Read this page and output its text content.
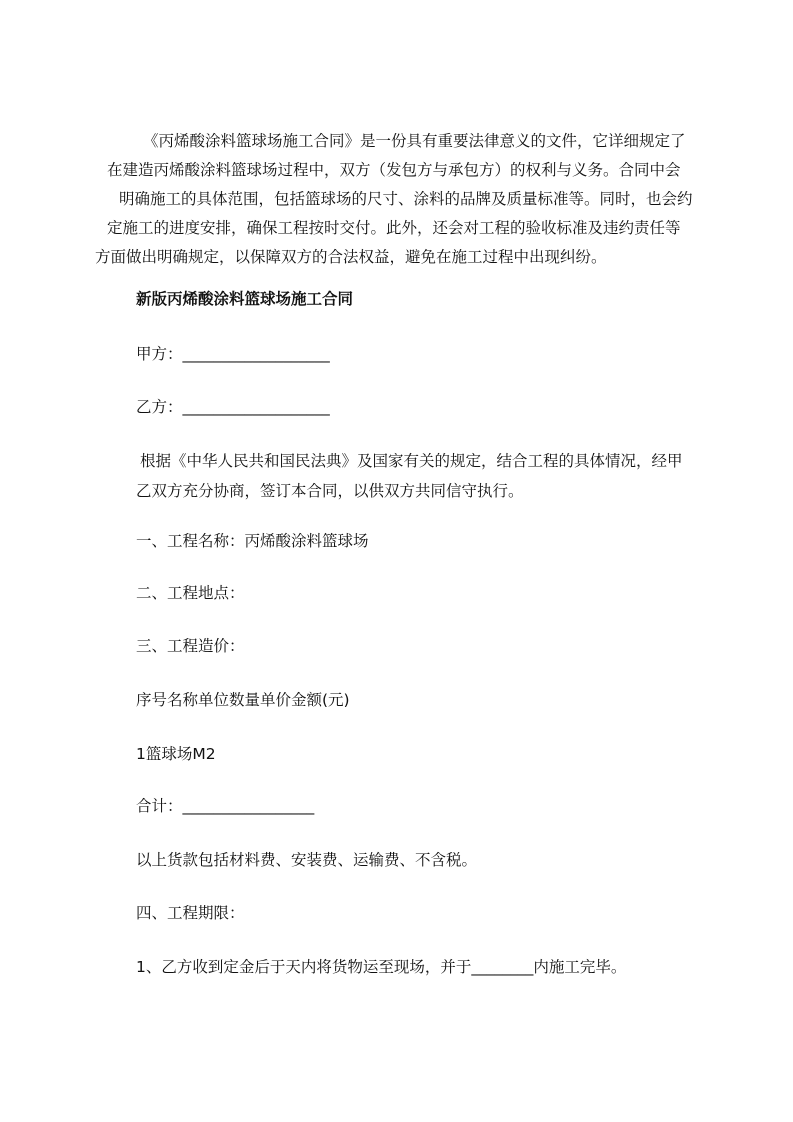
《丙烯酸涂料篮球场施工合同》是一份具有重要法律意义的文件，它详细规定了
在建造丙烯酸涂料篮球场过程中，双方（发包方与承包方）的权利与义务。合同中会
明确施工的具体范围，包括篮球场的尺寸、涂料的品牌及质量标准等。同时，也会约
定施工的进度安排，确保工程按时交付。此外，还会对工程的验收标准及违约责任等
方面做出明确规定，以保障双方的合法权益，避免在施工过程中出现纠纷。
新版丙烯酸涂料篮球场施工合同
甲方：___________________
乙方：___________________
根据《中华人民共和国民法典》及国家有关的规定，结合工程的具体情况，经甲
乙双方充分协商，签订本合同，以供双方共同信守执行。
一、工程名称：丙烯酸涂料篮球场
二、工程地点：
三、工程造价：
序号名称单位数量单价金额(元)
1篮球场M2
合计：_________________
以上货款包括材料费、安装费、运输费、不含税。
四、工程期限：
1、乙方收到定金后于天内将货物运至现场，并于________内施工完毕。
